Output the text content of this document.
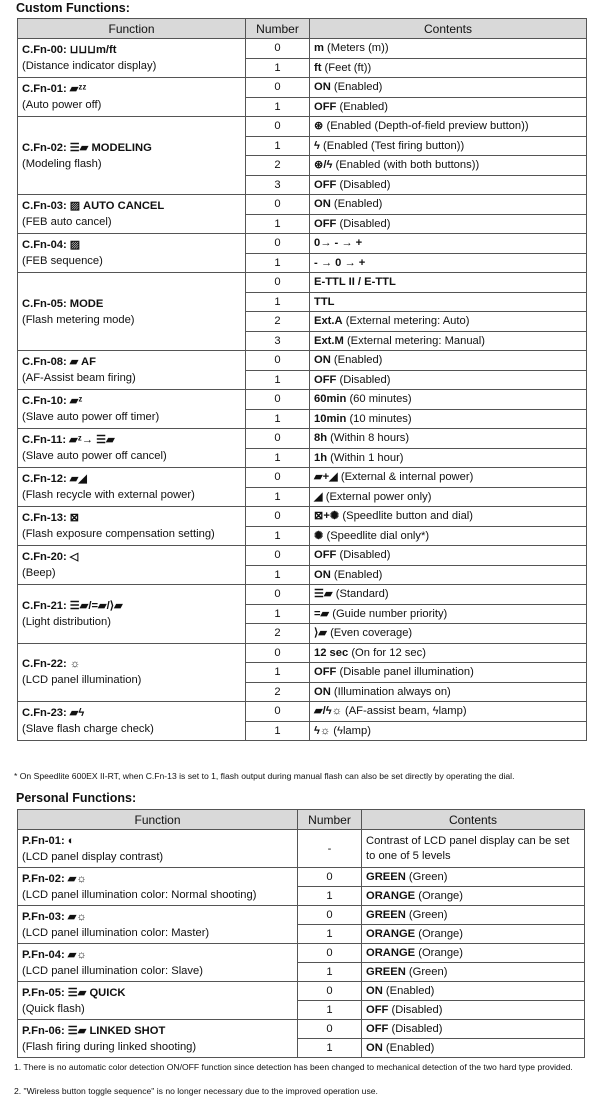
Custom Functions:
Function	Number	Contents

C.Fn-00: ⊔⊔⊔m/ft
(Distance indicator display)	0	m (Meters (m))
	1	ft (Feet (ft))

C.Fn-01: ▰ᶻᶻ
(Auto power off)	0	ON (Enabled)
	1	OFF (Enabled)

C.Fn-02: ☰▰ MODELING
(Modeling flash)	0	⊛ (Enabled (Depth-of-field preview button))
	1	ϟ (Enabled (Test firing button))
	2	⊛/ϟ (Enabled (with both buttons))
	3	OFF (Disabled)

C.Fn-03: ▨ AUTO CANCEL
(FEB auto cancel)	0	ON (Enabled)
	1	OFF (Disabled)

C.Fn-04: ▨
(FEB sequence)	0	0→ - → +
	1	- → 0 → +

C.Fn-05: MODE
(Flash metering mode)	0	E-TTL II / E-TTL
	1	TTL
	2	Ext.A (External metering: Auto)
	3	Ext.M (External metering: Manual)

C.Fn-08: ▰ AF
(AF-Assist beam firing)	0	ON (Enabled)
	1	OFF (Disabled)

C.Fn-10: ▰ᶻ
(Slave auto power off timer)	0	60min (60 minutes)
	1	10min (10 minutes)

C.Fn-11: ▰ᶻ→ ☰▰
(Slave auto power off cancel)	0	8h (Within 8 hours)
	1	1h (Within 1 hour)

C.Fn-12: ▰◢
(Flash recycle with external power)	0	▰+◢ (External & internal power)
	1	◢ (External power only)

C.Fn-13: ⊠
(Flash exposure compensation setting)	0	⊠+✺ (Speedlite button and dial)
	1	✺ (Speedlite dial only*)

C.Fn-20: ◁
(Beep)	0	OFF (Disabled)
	1	ON (Enabled)

C.Fn-21: ☰▰/=▰/⟩▰
(Light distribution)	0	☰▰ (Standard)
	1	=▰ (Guide number priority)
	2	⟩▰ (Even coverage)

C.Fn-22: ☼
(LCD panel illumination)	0	12 sec (On for 12 sec)
	1	OFF (Disable panel illumination)
	2	ON (Illumination always on)

C.Fn-23: ▰ϟ
(Slave flash charge check)	0	▰/ϟ☼ (AF-assist beam, ϟlamp)
	1	ϟ☼ (ϟlamp)
* On Speedlite 600EX II-RT, when C.Fn-13 is set to 1, flash output during manual flash can also be set directly by operating the dial.
Personal Functions:
Function	Number	Contents

P.Fn-01: ◐
(LCD panel display contrast)	-	Contrast of LCD panel display can be set to one of 5 levels

P.Fn-02: ▰☼
(LCD panel illumination color: Normal shooting)	0	GREEN (Green)
	1	ORANGE (Orange)

P.Fn-03: ▰☼
(LCD panel illumination color: Master)	0	GREEN (Green)
	1	ORANGE (Orange)

P.Fn-04: ▰☼
(LCD panel illumination color: Slave)	0	ORANGE (Orange)
	1	GREEN (Green)

P.Fn-05: ☰▰ QUICK
(Quick flash)	0	ON (Enabled)
	1	OFF (Disabled)

P.Fn-06: ☰▰ LINKED SHOT
(Flash firing during linked shooting)	0	OFF (Disabled)
	1	ON (Enabled)
1. There is no automatic color detection ON/OFF function since detection has been changed to mechanical detection of the two hard type provided.
2. "Wireless button toggle sequence" is no longer necessary due to the improved operation use.
